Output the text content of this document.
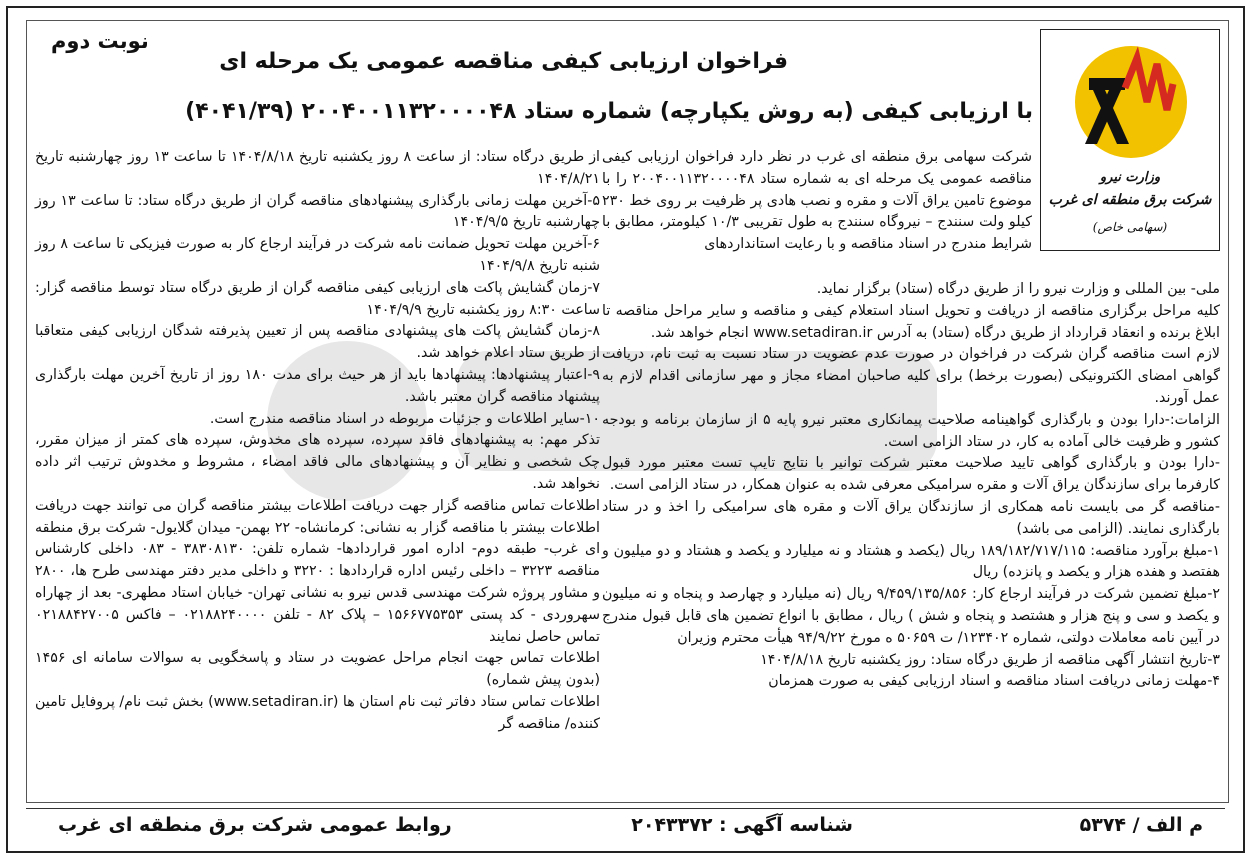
نوبت دوم
فراخوان ارزیابی کیفی مناقصه عمومی یک مرحله ای
با ارزیابی کیفی (به روش یکپارچه) شماره ستاد ۲۰۰۴۰۰۱۱۳۲۰۰۰۰۴۸ (۴۰۴۱/۳۹)
وزارت نیرو
شرکت برق منطقه ای غرب
(سهامی خاص)

شرکت سهامی برق منطقه ای غرب در نظر دارد فراخوان ارزیابی کیفی مناقصه عمومی یک مرحله ای به شماره ستاد ۲۰۰۴۰۰۱۱۳۲۰۰۰۰۴۸ را با موضوع تامین یراق آلات و مقره و نصب هادی پر ظرفیت بر روی خط ۲۳۰ کیلو ولت سنندج – نیروگاه سنندج به طول تقریبی ۱۰/۳ کیلومتر، مطابق با شرایط مندرج در اسناد مناقصه و با رعایت استانداردهای

ملی- بین المللی و وزارت نیرو را از طریق درگاه (ستاد) برگزار نماید.

کلیه مراحل برگزاری مناقصه از دریافت و تحویل اسناد استعلام کیفی و مناقصه و سایر مراحل مناقصه تا ابلاغ برنده و انعقاد قرارداد از طریق درگاه (ستاد) به آدرس www.setadiran.ir انجام خواهد شد.

لازم است مناقصه گران شرکت در فراخوان در صورت عدم عضویت در ستاد نسبت به ثبت نام، دریافت گواهی امضای الکترونیکی (بصورت برخط) برای کلیه صاحبان امضاء مجاز و مهر سازمانی اقدام لازم به عمل آورند.

الزامات:-دارا بودن و بارگذاری گواهینامه صلاحیت پیمانکاری معتبر نیرو پایه ۵ از سازمان برنامه و بودجه کشور و ظرفیت خالی آماده به کار، در ستاد الزامی است.

-دارا بودن و بارگذاری گواهی تایید صلاحیت معتبر شرکت توانیر با نتایج تایپ تست معتبر مورد قبول کارفرما برای سازندگان یراق آلات و مقره سرامیکی معرفی شده به عنوان همکار، در ستاد الزامی است.

-مناقصه گر می بایست نامه همکاری از سازندگان یراق آلات و مقره های سرامیکی را اخذ و در ستاد بارگذاری نمایند. (الزامی می باشد)

۱-مبلغ برآورد مناقصه: ۱۸۹/۱۸۲/۷۱۷/۱۱۵ ریال (یکصد و هشتاد و نه میلیارد و یکصد و هشتاد و دو میلیون و هفتصد و هفده هزار و یکصد و پانزده) ریال

۲-مبلغ تضمین شرکت در فرآیند ارجاع کار: ۹/۴۵۹/۱۳۵/۸۵۶ ریال (نه میلیارد و چهارصد و پنجاه و نه میلیون و یکصد و سی و پنج هزار و هشتصد و پنجاه و شش ) ریال ، مطابق با انواع تضمین های قابل قبول مندرج در آیین نامه معاملات دولتی، شماره ۱۲۳۴۰۲/ ت ۵۰۶۵۹ ه مورخ ۹۴/۹/۲۲ هیأت محترم وزیران

۳-تاریخ انتشار آگهی مناقصه از طریق درگاه ستاد: روز یکشنبه تاریخ ۱۴۰۴/۸/۱۸

۴-مهلت زمانی دریافت اسناد مناقصه و اسناد ارزیابی کیفی به صورت همزمان

از طریق درگاه ستاد: از ساعت ۸ روز یکشنبه تاریخ ۱۴۰۴/۸/۱۸ تا ساعت ۱۳ روز چهارشنبه تاریخ ۱۴۰۴/۸/۲۱

۵-آخرین مهلت زمانی بارگذاری پیشنهادهای مناقصه گران از طریق درگاه ستاد: تا ساعت ۱۳ روز چهارشنبه تاریخ ۱۴۰۴/۹/۵

۶-آخرین مهلت تحویل ضمانت نامه شرکت در فرآیند ارجاع کار به صورت فیزیکی تا ساعت ۸ روز شنبه تاریخ ۱۴۰۴/۹/۸

۷-زمان گشایش پاکت های ارزیابی کیفی مناقصه گران از طریق درگاه ستاد توسط مناقصه گزار: ساعت ۸:۳۰ روز یکشنبه تاریخ ۱۴۰۴/۹/۹

۸-زمان گشایش پاکت های پیشنهادی مناقصه پس از تعیین پذیرفته شدگان ارزیابی کیفی متعاقبا از طریق ستاد اعلام خواهد شد.

۹-اعتبار پیشنهادها: پیشنهادها باید از هر حیث برای مدت ۱۸۰ روز از تاریخ آخرین مهلت بارگذاری پیشنهاد مناقصه گران معتبر باشد.

۱۰-سایر اطلاعات و جزئیات مربوطه در اسناد مناقصه مندرج است.

تذکر مهم: به پیشنهادهای فاقد سپرده، سپرده های مخدوش، سپرده های کمتر از میزان مقرر، چک شخصی و نظایر آن و پیشنهادهای مالی فاقد امضاء ، مشروط و مخدوش ترتیب اثر داده نخواهد شد.

اطلاعات تماس مناقصه گزار جهت دریافت اطلاعات بیشتر مناقصه گران می توانند جهت دریافت اطلاعات بیشتر با مناقصه گزار به نشانی: کرمانشاه- ۲۲ بهمن- میدان گلایول- شرکت برق منطقه ای غرب- طبقه دوم- اداره امور قراردادها- شماره تلفن: ۳۸۳۰۸۱۳۰ - ۰۸۳ داخلی کارشناس مناقصه ۳۲۲۳ – داخلی رئیس اداره قراردادها : ۳۲۲۰ و داخلی مدیر دفتر مهندسی طرح ها، ۲۸۰۰ و مشاور پروژه شرکت مهندسی قدس نیرو به نشانی تهران- خیابان استاد مطهری- بعد از چهاراه سهروردی - کد پستی ۱۵۶۶۷۷۵۳۵۳ – پلاک ۸۲ - تلفن ۰۲۱۸۸۲۴۰۰۰۰ – فاکس ۰۲۱۸۸۴۲۷۰۰۵ تماس حاصل نمایند

اطلاعات تماس جهت انجام مراحل عضویت در ستاد و پاسخگویی به سوالات سامانه ای ۱۴۵۶ (بدون پیش شماره)

اطلاعات تماس ستاد دفاتر ثبت نام استان ها (www.setadiran.ir) بخش ثبت نام/ پروفایل تامین کننده/ مناقصه گر

م الف / ۵۳۷۴
شناسه آگهی : ۲۰۴۳۳۷۲
روابط عمومی شرکت برق منطقه ای غرب
